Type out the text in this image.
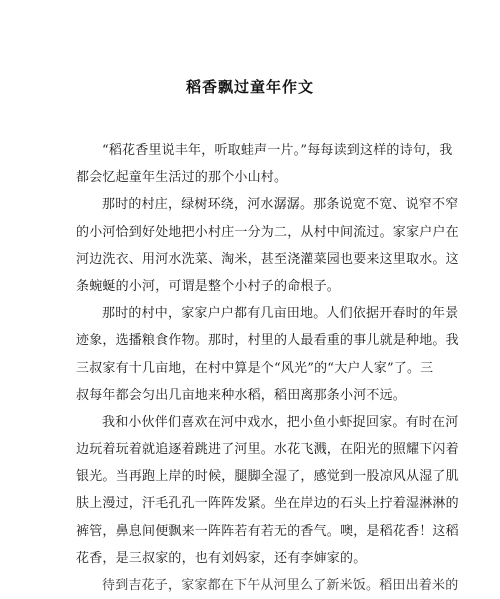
稻香飘过童年作文
“稻花香里说丰年，听取蛙声一片。”每每读到这样的诗句，我
都会忆起童年生活过的那个小山村。
那时的村庄，绿树环绕，河水潺潺。那条说宽不宽、说窄不窄
的小河恰到好处地把小村庄一分为二，从村中间流过。家家户户在
河边洗衣、用河水洗菜、淘米，甚至浇灌菜园也要来这里取水。这
条蜿蜒的小河，可谓是整个小村子的命根子。
那时的村中，家家户户都有几亩田地。人们依据开春时的年景
迹象，选播粮食作物。那时，村里的人最看重的事儿就是种地。我
三叔家有十几亩地，在村中算是个“风光”的“大户人家”了。三
叔每年都会匀出几亩地来种水稻，稻田离那条小河不远。
我和小伙伴们喜欢在河中戏水，把小鱼小虾捉回家。有时在河
边玩着玩着就追逐着跳进了河里。水花飞溅，在阳光的照耀下闪着
银光。当再跑上岸的时候，腿脚全湿了，感觉到一股凉风从湿了肌
肤上漫过，汗毛孔孔一阵阵发紧。坐在岸边的石头上拧着湿淋淋的
裤管，鼻息间便飘来一阵阵若有若无的香气。噢，是稻花香！这稻
花香，是三叔家的，也有刘妈家，还有李婶家的。
待到吉花子，家家都在下午从河里么了新米饭。稻田出着米的
